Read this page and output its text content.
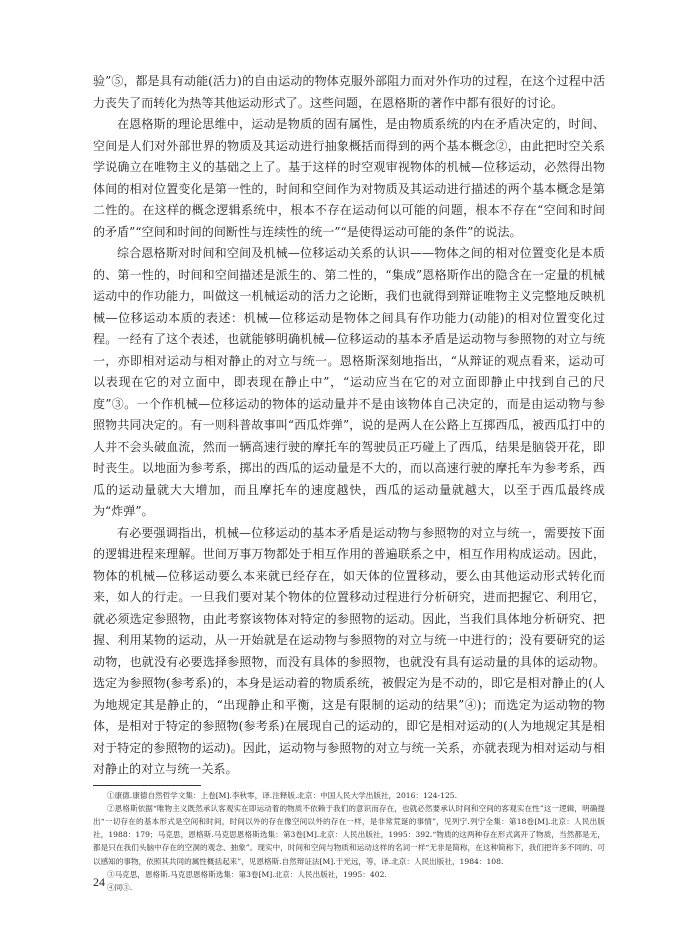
验”⑤，都是具有动能(活力)的自由运动的物体克服外部阻力而对外作功的过程，在这个过程中活力丧失了而转化为热等其他运动形式了。这些问题，在恩格斯的著作中都有很好的讨论。

在恩格斯的理论思维中，运动是物质的固有属性，是由物质系统的内在矛盾决定的，时间、空间是人们对外部世界的物质及其运动进行抽象概括而得到的两个基本概念②，由此把时空关系学说确立在唯物主义的基础之上了。基于这样的时空观审视物体的机械—位移运动，必然得出物体间的相对位置变化是第一性的，时间和空间作为对物质及其运动进行描述的两个基本概念是第二性的。在这样的概念逻辑系统中，根本不存在运动何以可能的问题，根本不存在“空间和时间的矛盾”“空间和时间的间断性与连续性的统一”“是使得运动可能的条件”的说法。

综合恩格斯对时间和空间及机械—位移运动关系的认识——物体之间的相对位置变化是本质的、第一性的，时间和空间描述是派生的、第二性的，“集成”恩格斯作出的隐含在一定量的机械运动中的作功能力，叫做这一机械运动的活力之论断，我们也就得到辩证唯物主义完整地反映机械—位移运动本质的表述：机械—位移运动是物体之间具有作功能力(动能)的相对位置变化过程。一经有了这个表述，也就能够明确机械—位移运动的基本矛盾是运动物与参照物的对立与统一，亦即相对运动与相对静止的对立与统一。恩格斯深刻地指出，“从辩证的观点看来，运动可以表现在它的对立面中，即表现在静止中”，“运动应当在它的对立面即静止中找到自己的尺度”③。一个作机械—位移运动的物体的运动量并不是由该物体自己决定的，而是由运动物与参照物共同决定的。有一则科普故事叫“西瓜炸弹”，说的是两人在公路上互掷西瓜，被西瓜打中的人并不会头破血流，然而一辆高速行驶的摩托车的驾驶员正巧碰上了西瓜，结果是脑袋开花，即时丧生。以地面为参考系，掷出的西瓜的运动量是不大的，而以高速行驶的摩托车为参考系，西瓜的运动量就大大增加，而且摩托车的速度越快，西瓜的运动量就越大，以至于西瓜最终成为“炸弹”。

有必要强调指出，机械—位移运动的基本矛盾是运动物与参照物的对立与统一，需要按下面的逻辑进程来理解。世间万事万物都处于相互作用的普遍联系之中，相互作用构成运动。因此，物体的机械—位移运动要么本来就已经存在，如天体的位置移动，要么由其他运动形式转化而来，如人的行走。一旦我们要对某个物体的位置移动过程进行分析研究，进而把握它、利用它，就必须选定参照物，由此考察该物体对特定的参照物的运动。因此，当我们具体地分析研究、把握、利用某物的运动，从一开始就是在运动物与参照物的对立与统一中进行的；没有要研究的运动物，也就没有必要选择参照物，而没有具体的参照物，也就没有具有运动量的具体的运动物。选定为参照物(参考系)的，本身是运动着的物质系统，被假定为是不动的，即它是相对静止的(人为地规定其是静止的，“出现静止和平衡，这是有限制的运动的结果”④)；而选定为运动物的物体，是相对于特定的参照物(参考系)在展现自己的运动的，即它是相对运动的(人为地规定其是相对于特定的参照物的运动)。因此，运动物与参照物的对立与统一关系，亦就表现为相对运动与相对静止的对立与统一关系。

①康德.康德自然哲学文集：上卷[M].李秋零，译.注释版.北京：中国人民大学出版社，2016：124-125.

②恩格斯依据“唯物主义既然承认客观实在即运动着的物质不依赖于我们的意识而存在，也就必然要承认时间和空间的客观实在性”这一逻辑，明确提出“一切存在的基本形式是空间和时间，时间以外的存在像空间以外的存在一样，是非常荒诞的事情”，见列宁.列宁全集：第18卷[M].北京：人民出版社，1988：179；马克思，恩格斯.马克思恩格斯选集：第3卷[M].北京：人民出版社，1995：392.“物质的这两种存在形式离开了物质，当然都是无，都是只在我们头脑中存在的空洞的观念、抽象”。现实中，时间和空间与物质和运动这样的名词一样“无非是简称，在这种简称下，我们把许多不同的、可以感知的事物，依照其共同的属性概括起来”，见恩格斯.自然辩证法[M].于光远，等，译.北京：人民出版社，1984：108.

③马克思，恩格斯.马克思恩格斯选集：第3卷[M].北京：人民出版社，1995：402.

④同③.

24
